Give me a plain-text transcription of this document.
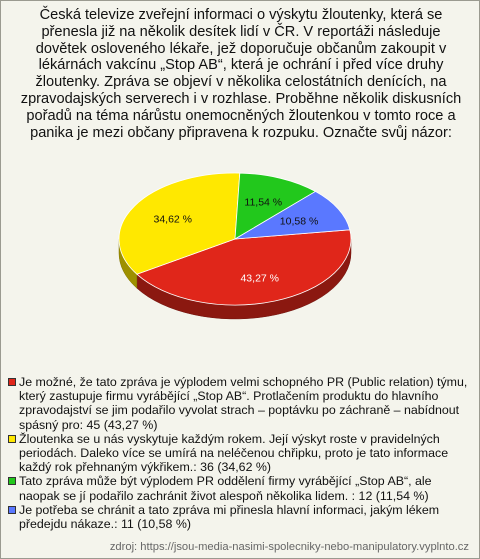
Česká televize zveřejní informaci o výskytu žloutenky, která se přenesla již na několik desítek lidí v ČR. V reportáži následuje dovětek osloveného lékaře, jež doporučuje občanům zakoupit v lékárnách vakcínu „Stop AB“, která je ochrání i před více druhy žloutenky. Zpráva se objeví v několika celostátních denících, na zpravodajských serverech i v rozhlase. Proběhne několik diskusních pořadů na téma nárůstu onemocněných žloutenkou v tomto roce a panika je mezi občany připravena k rozpuku. Označte svůj názor:
43,27 %
34,62 %
11,54 %
10,58 %
Je možné, že tato zpráva je výplodem velmi schopného PR (Public relation) týmu, který zastupuje firmu vyrábějící „Stop AB“. Protlačením produktu do hlavního zpravodajství se jim podařilo vyvolat strach – poptávku po záchraně – nabídnout spásný pro: 45 (43,27 %)
Žloutenka se u nás vyskytuje každým rokem. Její výskyt roste v pravidelných periodách. Daleko více se umírá na neléčenou chřipku, proto je tato informace každý rok přehnaným výkřikem.: 36 (34,62 %)
Tato zpráva může být výplodem PR oddělení firmy vyrábějící „Stop AB“, ale naopak se jí podařilo zachránit život alespoň několika lidem. : 12 (11,54 %)
Je potřeba se chránit a tato zpráva mi přinesla hlavní informaci, jakým lékem předejdu nákaze.: 11 (10,58 %)
zdroj: https://jsou-media-nasimi-spolecniky-nebo-manipulatory.vyplnto.cz
